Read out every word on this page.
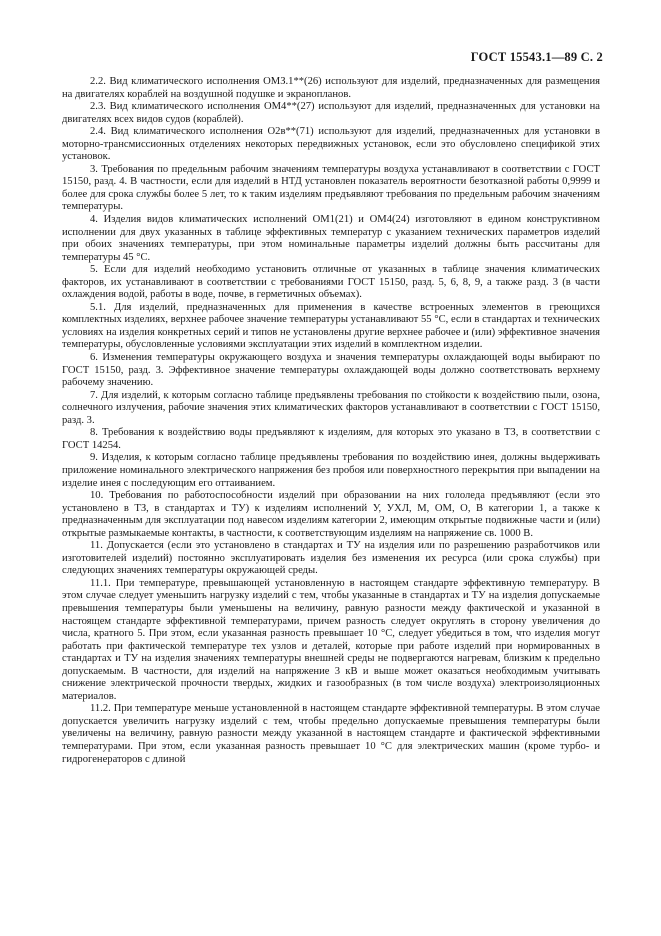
ГОСТ 15543.1—89 С. 2

2.2. Вид климатического исполнения ОМЗ.1**(26) используют для изделий, предназначенных для размещения на двигателях кораблей на воздушной подушке и экранопланов.

2.3. Вид климатического исполнения ОМ4**(27) используют для изделий, предназначенных для установки на двигателях всех видов судов (кораблей).

2.4. Вид климатического исполнения О2в**(71) используют для изделий, предназначенных для установки в моторно-трансмиссионных отделениях некоторых передвижных установок, если это обусловлено спецификой этих установок.

3. Требования по предельным рабочим значениям температуры воздуха устанавливают в соответствии с ГОСТ 15150, разд. 4. В частности, если для изделий в НТД установлен показатель вероятности безотказной работы 0,9999 и более для срока службы более 5 лет, то к таким изделиям предъявляют требования по предельным рабочим значениям температуры.

4. Изделия видов климатических исполнений ОМ1(21) и ОМ4(24) изготовляют в едином конструктивном исполнении для двух указанных в таблице эффективных температур с указанием технических параметров изделий при обоих значениях температуры, при этом номинальные параметры изделий должны быть рассчитаны для температуры 45 °С.

5. Если для изделий необходимо установить отличные от указанных в таблице значения климатических факторов, их устанавливают в соответствии с требованиями ГОСТ 15150, разд. 5, 6, 8, 9, а также разд. 3 (в части охлаждения водой, работы в воде, почве, в герметичных объемах).

5.1. Для изделий, предназначенных для применения в качестве встроенных элементов в греющихся комплектных изделиях, верхнее рабочее значение температуры устанавливают 55 °С, если в стандартах и технических условиях на изделия конкретных серий и типов не установлены другие верхнее рабочее и (или) эффективное значения температуры, обусловленные условиями эксплуатации этих изделий в комплектном изделии.

6. Изменения температуры окружающего воздуха и значения температуры охлаждающей воды выбирают по ГОСТ 15150, разд. 3. Эффективное значение температуры охлаждающей воды должно соответствовать верхнему рабочему значению.

7. Для изделий, к которым согласно таблице предъявлены требования по стойкости к воздействию пыли, озона, солнечного излучения, рабочие значения этих климатических факторов устанавливают в соответствии с ГОСТ 15150, разд. 3.

8. Требования к воздействию воды предъявляют к изделиям, для которых это указано в ТЗ, в соответствии с ГОСТ 14254.

9. Изделия, к которым согласно таблице предъявлены требования по воздействию инея, должны выдерживать приложение номинального электрического напряжения без пробоя или поверхностного перекрытия при выпадении на изделие инея с последующим его оттаиванием.

10. Требования по работоспособности изделий при образовании на них гололеда предъявляют (если это установлено в ТЗ, в стандартах и ТУ) к изделиям исполнений У, УХЛ, М, ОМ, О, В категории 1, а также к предназначенным для эксплуатации под навесом изделиям категории 2, имеющим открытые подвижные части и (или) открытые размыкаемые контакты, в частности, к соответствующим изделиям на напряжение св. 1000 В.

11. Допускается (если это установлено в стандартах и ТУ на изделия или по разрешению разработчиков или изготовителей изделий) постоянно эксплуатировать изделия без изменения их ресурса (или срока службы) при следующих значениях температуры окружающей среды.

11.1. При температуре, превышающей установленную в настоящем стандарте эффективную температуру. В этом случае следует уменьшить нагрузку изделий с тем, чтобы указанные в стандартах и ТУ на изделия допускаемые превышения температуры были уменьшены на величину, равную разности между фактической и указанной в настоящем стандарте эффективной температурами, причем разность следует округлять в сторону увеличения до числа, кратного 5. При этом, если указанная разность превышает 10 °С, следует убедиться в том, что изделия могут работать при фактической температуре тех узлов и деталей, которые при работе изделий при нормированных в стандартах и ТУ на изделия значениях температуры внешней среды не подвергаются нагревам, близким к предельно допускаемым. В частности, для изделий на напряжение 3 кВ и выше может оказаться необходимым учитывать снижение электрической прочности твердых, жидких и газообразных (в том числе воздуха) электроизоляционных материалов.

11.2. При температуре меньше установленной в настоящем стандарте эффективной температуры. В этом случае допускается увеличить нагрузку изделий с тем, чтобы предельно допускаемые превышения температуры были увеличены на величину, равную разности между указанной в настоящем стандарте и фактической эффективными температурами. При этом, если указанная разность превышает 10 °С для электрических машин (кроме турбо- и гидрогенераторов с длиной
